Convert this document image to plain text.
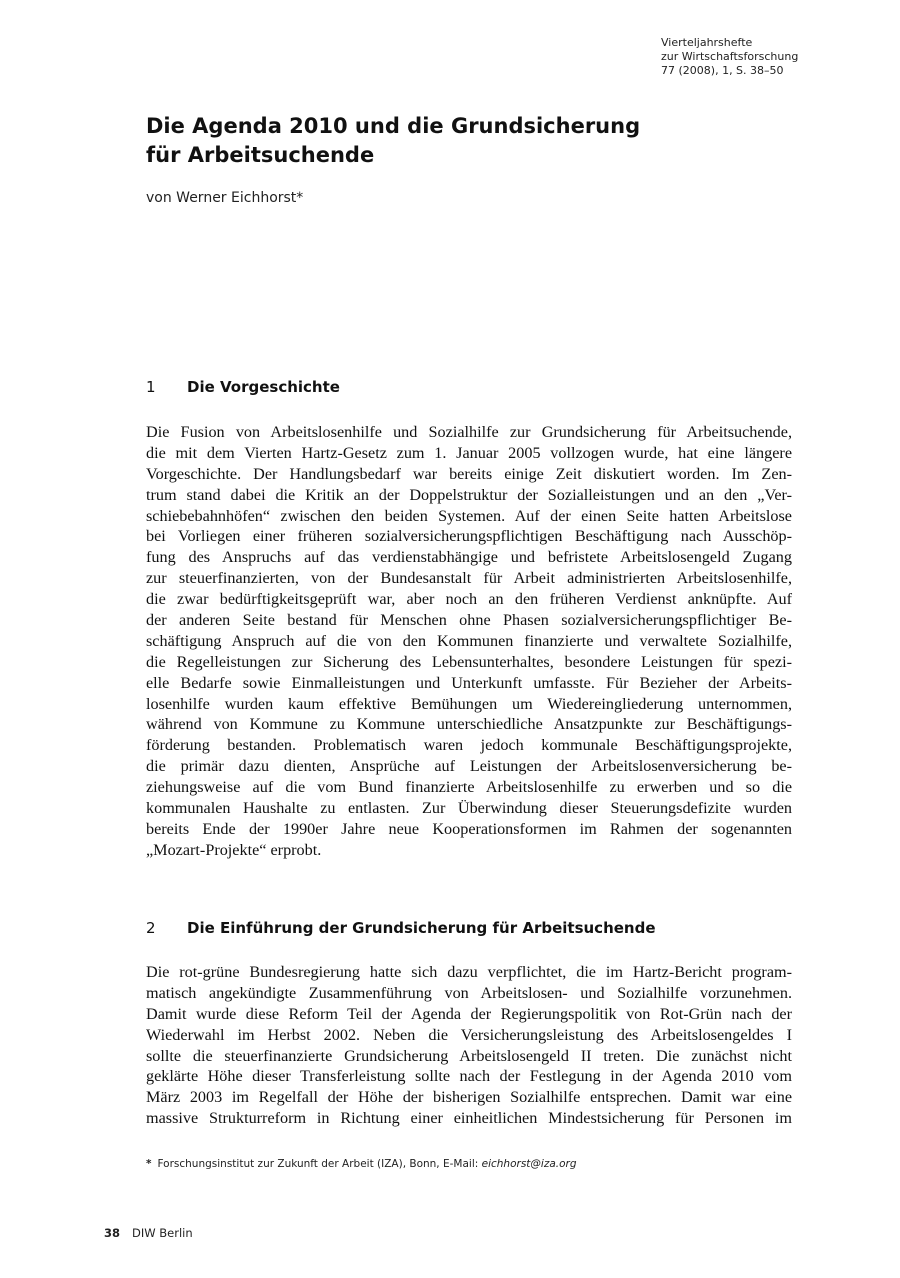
Vierteljahrshefte
zur Wirtschaftsforschung
77 (2008), 1, S. 38–50
Die Agenda 2010 und die Grundsicherung
für Arbeitsuchende
von Werner Eichhorst*
1 Die Vorgeschichte
Die Fusion von Arbeitslosenhilfe und Sozialhilfe zur Grundsicherung für Arbeitsuchende,
die mit dem Vierten Hartz-Gesetz zum 1. Januar 2005 vollzogen wurde, hat eine längere
Vorgeschichte. Der Handlungsbedarf war bereits einige Zeit diskutiert worden. Im Zen-
trum stand dabei die Kritik an der Doppelstruktur der Sozialleistungen und an den „Ver-
schiebebahnhöfen“ zwischen den beiden Systemen. Auf der einen Seite hatten Arbeitslose
bei Vorliegen einer früheren sozialversicherungspflichtigen Beschäftigung nach Ausschöp-
fung des Anspruchs auf das verdienstabhängige und befristete Arbeitslosengeld Zugang
zur steuerfinanzierten, von der Bundesanstalt für Arbeit administrierten Arbeitslosenhilfe,
die zwar bedürftigkeitsgeprüft war, aber noch an den früheren Verdienst anknüpfte. Auf
der anderen Seite bestand für Menschen ohne Phasen sozialversicherungspflichtiger Be-
schäftigung Anspruch auf die von den Kommunen finanzierte und verwaltete Sozialhilfe,
die Regelleistungen zur Sicherung des Lebensunterhaltes, besondere Leistungen für spezi-
elle Bedarfe sowie Einmalleistungen und Unterkunft umfasste. Für Bezieher der Arbeits-
losenhilfe wurden kaum effektive Bemühungen um Wiedereingliederung unternommen,
während von Kommune zu Kommune unterschiedliche Ansatzpunkte zur Beschäftigungs-
förderung bestanden. Problematisch waren jedoch kommunale Beschäftigungsprojekte,
die primär dazu dienten, Ansprüche auf Leistungen der Arbeitslosenversicherung be-
ziehungsweise auf die vom Bund finanzierte Arbeitslosenhilfe zu erwerben und so die
kommunalen Haushalte zu entlasten. Zur Überwindung dieser Steuerungsdefizite wurden
bereits Ende der 1990er Jahre neue Kooperationsformen im Rahmen der sogenannten
„Mozart-Projekte“ erprobt.
2 Die Einführung der Grundsicherung für Arbeitsuchende
Die rot-grüne Bundesregierung hatte sich dazu verpflichtet, die im Hartz-Bericht program-
matisch angekündigte Zusammenführung von Arbeitslosen- und Sozialhilfe vorzunehmen.
Damit wurde diese Reform Teil der Agenda der Regierungspolitik von Rot-Grün nach der
Wiederwahl im Herbst 2002. Neben die Versicherungsleistung des Arbeitslosengeldes I
sollte die steuerfinanzierte Grundsicherung Arbeitslosengeld II treten. Die zunächst nicht
geklärte Höhe dieser Transferleistung sollte nach der Festlegung in der Agenda 2010 vom
März 2003 im Regelfall der Höhe der bisherigen Sozialhilfe entsprechen. Damit war eine
massive Strukturreform in Richtung einer einheitlichen Mindestsicherung für Personen im
* Forschungsinstitut zur Zukunft der Arbeit (IZA), Bonn, E-Mail: eichhorst@iza.org
38 DIW Berlin
